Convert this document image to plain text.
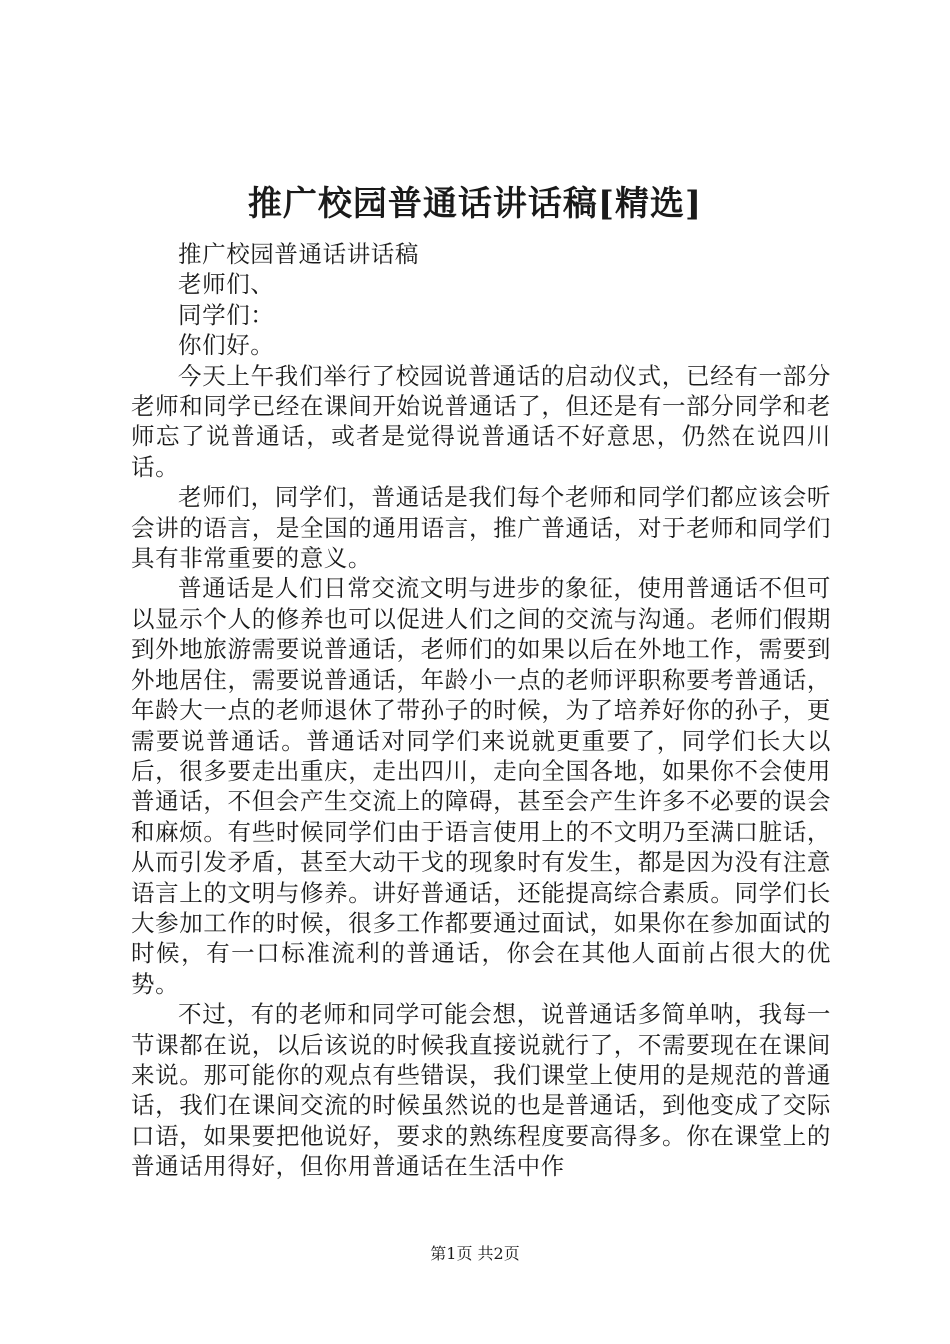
推广校园普通话讲话稿[精选]

推广校园普通话讲话稿

老师们、

同学们：

你们好。

今天上午我们举行了校园说普通话的启动仪式，已经有一部分老师和同学已经在课间开始说普通话了，但还是有一部分同学和老师忘了说普通话，或者是觉得说普通话不好意思，仍然在说四川话。

老师们，同学们，普通话是我们每个老师和同学们都应该会听会讲的语言，是全国的通用语言，推广普通话，对于老师和同学们具有非常重要的意义。

普通话是人们日常交流文明与进步的象征，使用普通话不但可以显示个人的修养也可以促进人们之间的交流与沟通。老师们假期到外地旅游需要说普通话，老师们的如果以后在外地工作，需要到外地居住，需要说普通话，年龄小一点的老师评职称要考普通话，年龄大一点的老师退休了带孙子的时候，为了培养好你的孙子，更需要说普通话。普通话对同学们来说就更重要了，同学们长大以后，很多要走出重庆，走出四川，走向全国各地，如果你不会使用普通话，不但会产生交流上的障碍，甚至会产生许多不必要的误会和麻烦。有些时候同学们由于语言使用上的不文明乃至满口脏话，从而引发矛盾，甚至大动干戈的现象时有发生，都是因为没有注意语言上的文明与修养。讲好普通话，还能提高综合素质。同学们长大参加工作的时候，很多工作都要通过面试，如果你在参加面试的时候，有一口标准流利的普通话，你会在其他人面前占很大的优势。

不过，有的老师和同学可能会想，说普通话多简单呐，我每一节课都在说，以后该说的时候我直接说就行了，不需要现在在课间来说。那可能你的观点有些错误，我们课堂上使用的是规范的普通话，我们在课间交流的时候虽然说的也是普通话，到他变成了交际口语，如果要把他说好，要求的熟练程度要高得多。你在课堂上的普通话用得好，但你用普通话在生活中作

第1页 共2页
